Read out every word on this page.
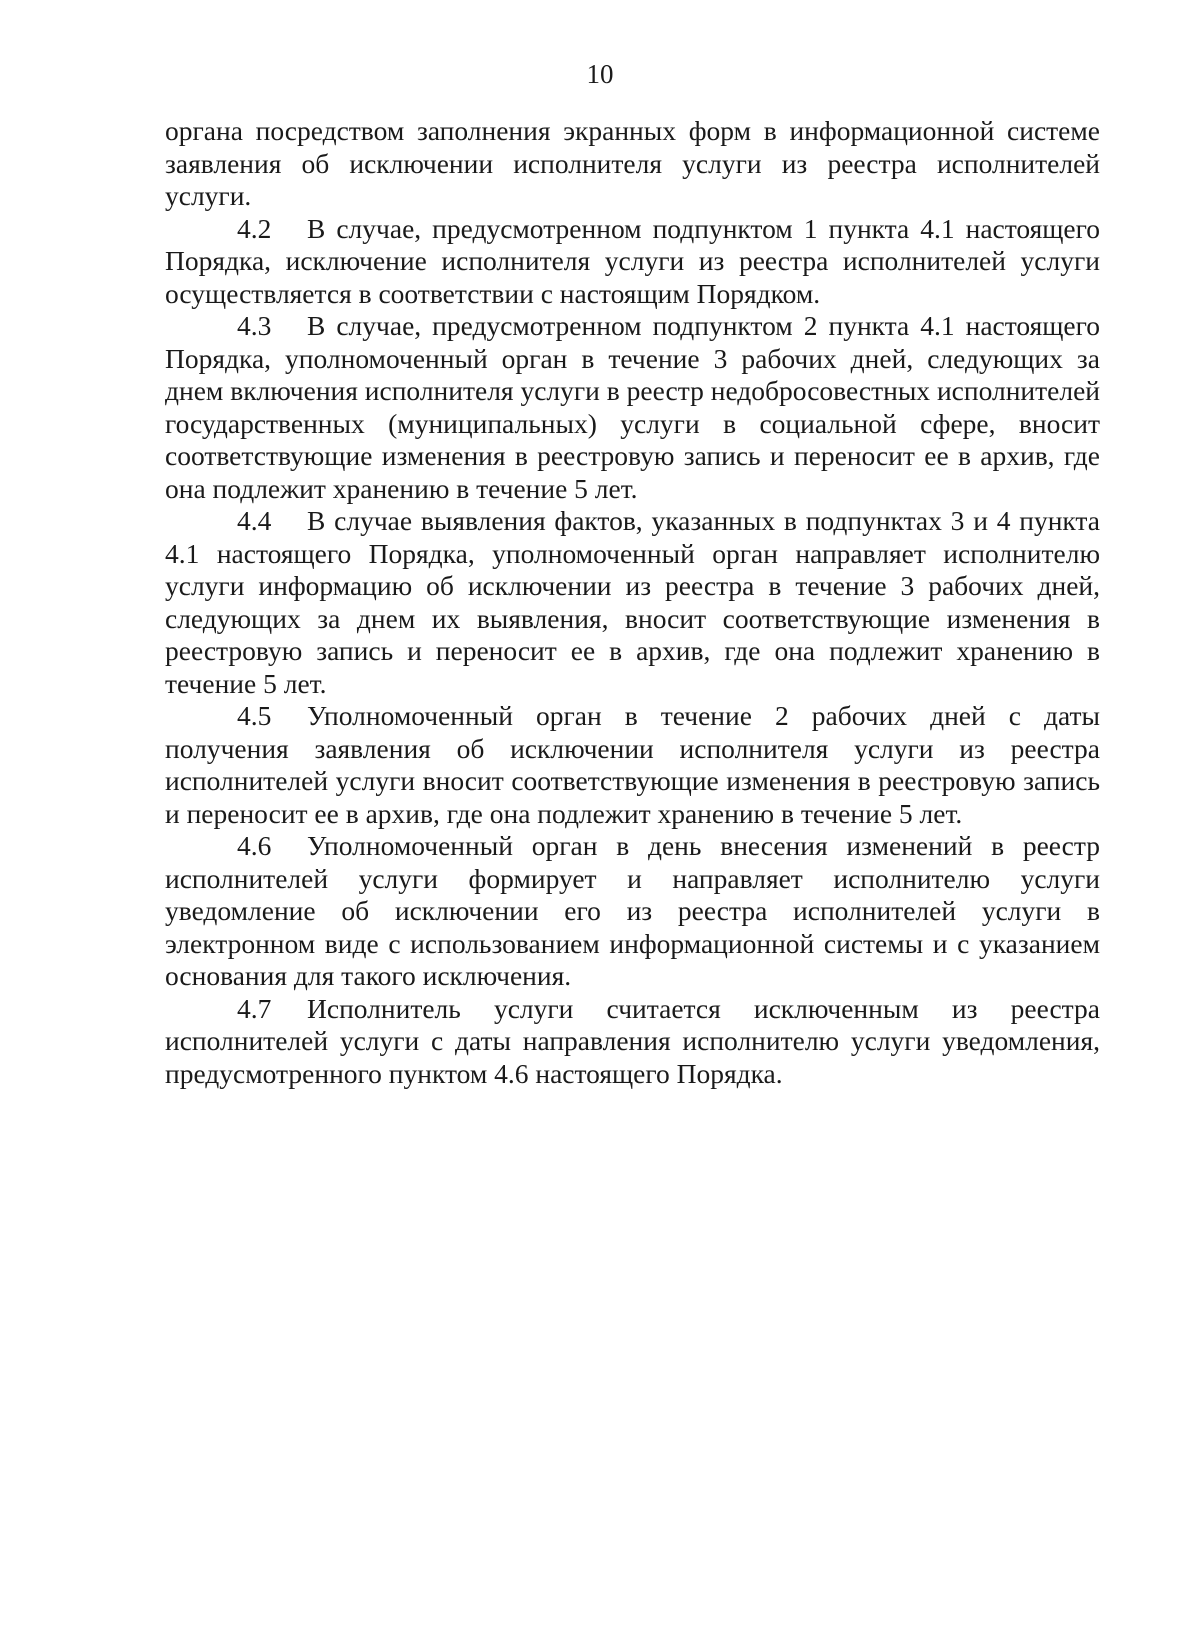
10

органа посредством заполнения экранных форм в информационной системе заявления об исключении исполнителя услуги из реестра исполнителей услуги.

4.2 В случае, предусмотренном подпунктом 1 пункта 4.1 настоящего Порядка, исключение исполнителя услуги из реестра исполнителей услуги осуществляется в соответствии с настоящим Порядком.

4.3 В случае, предусмотренном подпунктом 2 пункта 4.1 настоящего Порядка, уполномоченный орган в течение 3 рабочих дней, следующих за днем включения исполнителя услуги в реестр недобросовестных исполнителей государственных (муниципальных) услуги в социальной сфере, вносит соответствующие изменения в реестровую запись и переносит ее в архив, где она подлежит хранению в течение 5 лет.

4.4 В случае выявления фактов, указанных в подпунктах 3 и 4 пункта 4.1 настоящего Порядка, уполномоченный орган направляет исполнителю услуги информацию об исключении из реестра в течение 3 рабочих дней, следующих за днем их выявления, вносит соответствующие изменения в реестровую запись и переносит ее в архив, где она подлежит хранению в течение 5 лет.

4.5 Уполномоченный орган в течение 2 рабочих дней с даты получения заявления об исключении исполнителя услуги из реестра исполнителей услуги вносит соответствующие изменения в реестровую запись и переносит ее в архив, где она подлежит хранению в течение 5 лет.

4.6 Уполномоченный орган в день внесения изменений в реестр исполнителей услуги формирует и направляет исполнителю услуги уведомление об исключении его из реестра исполнителей услуги в электронном виде с использованием информационной системы и с указанием основания для такого исключения.

4.7 Исполнитель услуги считается исключенным из реестра исполнителей услуги с даты направления исполнителю услуги уведомления, предусмотренного пунктом 4.6 настоящего Порядка.
